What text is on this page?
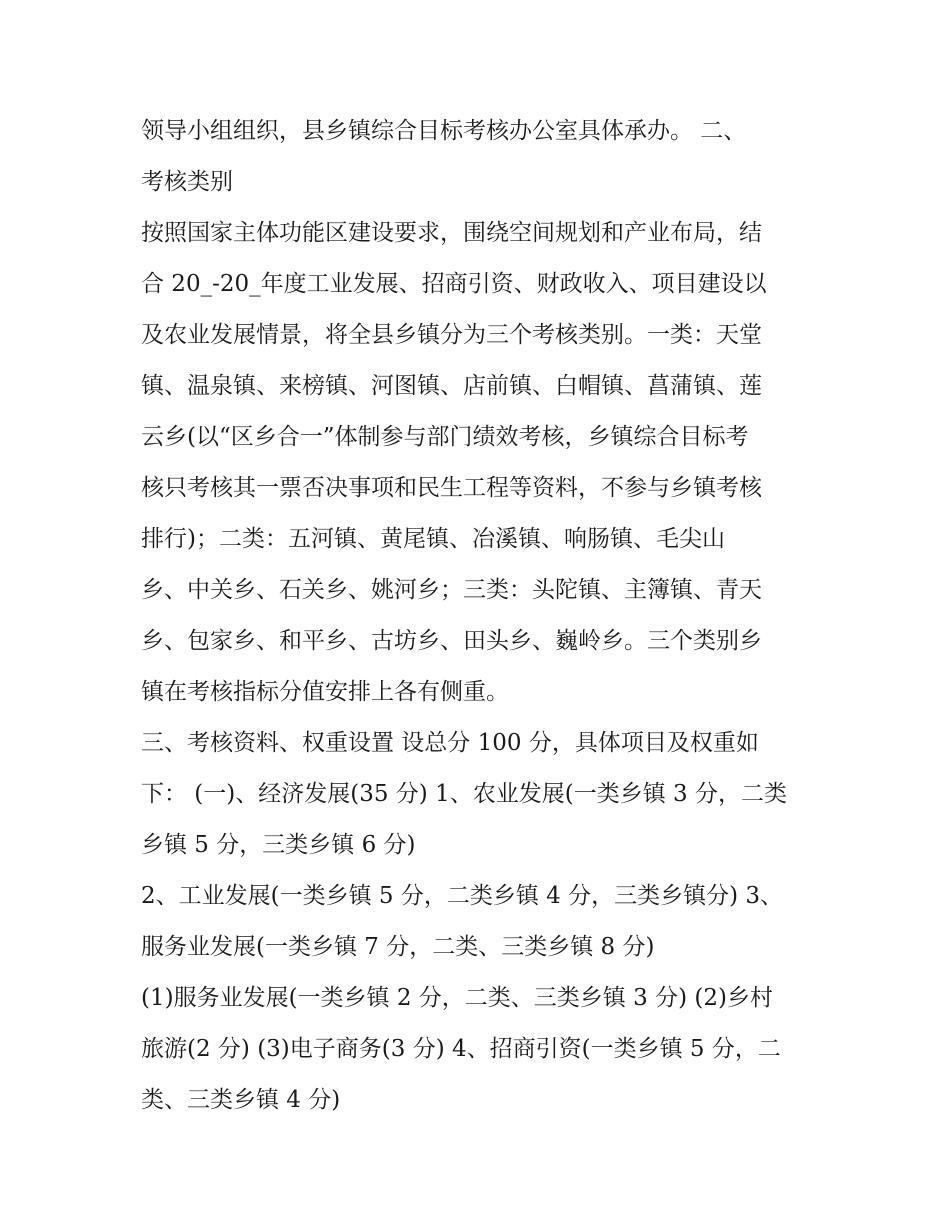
领导小组组织，县乡镇综合目标考核办公室具体承办。 二、
考核类别
按照国家主体功能区建设要求，围绕空间规划和产业布局，结
合 20_-20_年度工业发展、招商引资、财政收入、项目建设以
及农业发展情景，将全县乡镇分为三个考核类别。一类：天堂
镇、温泉镇、来榜镇、河图镇、店前镇、白帽镇、菖蒲镇、莲
云乡(以“区乡合一”体制参与部门绩效考核，乡镇综合目标考
核只考核其一票否决事项和民生工程等资料，不参与乡镇考核
排行)；二类：五河镇、黄尾镇、冶溪镇、响肠镇、毛尖山
乡、中关乡、石关乡、姚河乡；三类：头陀镇、主簿镇、青天
乡、包家乡、和平乡、古坊乡、田头乡、巍岭乡。三个类别乡
镇在考核指标分值安排上各有侧重。
三、考核资料、权重设置 设总分 100 分，具体项目及权重如
下： (一)、经济发展(35 分) 1、农业发展(一类乡镇 3 分，二类
乡镇 5 分，三类乡镇 6 分)
2、工业发展(一类乡镇 5 分，二类乡镇 4 分，三类乡镇分) 3、
服务业发展(一类乡镇 7 分，二类、三类乡镇 8 分)
(1)服务业发展(一类乡镇 2 分，二类、三类乡镇 3 分) (2)乡村
旅游(2 分) (3)电子商务(3 分) 4、招商引资(一类乡镇 5 分，二
类、三类乡镇 4 分)
